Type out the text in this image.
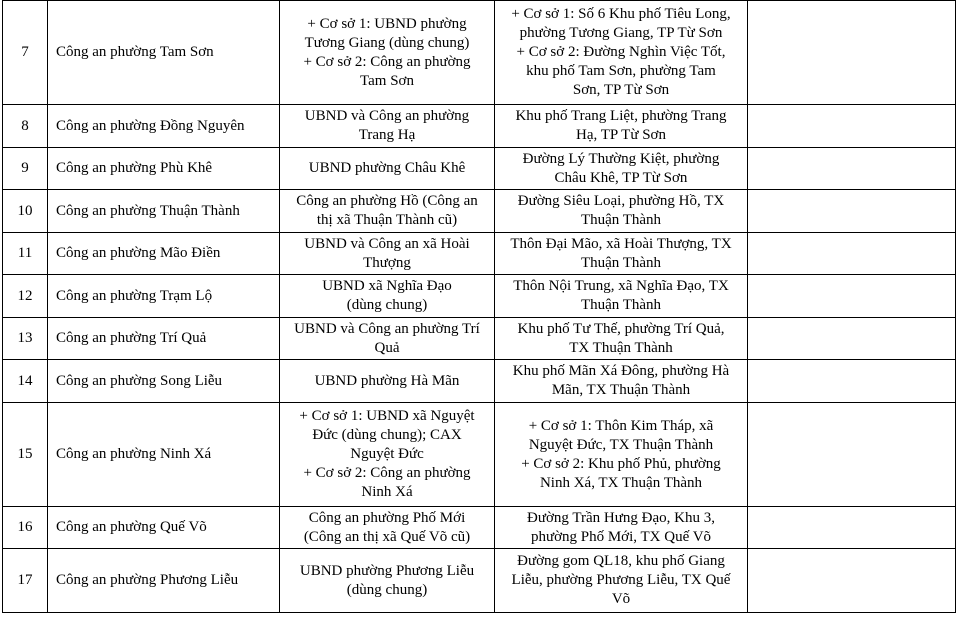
7	Công an phường Tam Sơn	+ Cơ sở 1: UBND phường
Tương Giang (dùng chung)
+ Cơ sở 2: Công an phường
Tam Sơn	+ Cơ sở 1: Số 6 Khu phố Tiêu Long,
phường Tương Giang, TP Từ Sơn
+ Cơ sở 2: Đường Nghìn Việc Tốt,
khu phố Tam Sơn, phường Tam
Sơn, TP Từ Sơn	

8	Công an phường Đồng Nguyên	UBND và Công an phường
Trang Hạ	Khu phố Trang Liệt, phường Trang
Hạ, TP Từ Sơn	

9	Công an phường Phù Khê	UBND phường Châu Khê	Đường Lý Thường Kiệt, phường
Châu Khê, TP Từ Sơn	

10	Công an phường Thuận Thành	Công an phường Hồ (Công an
thị xã Thuận Thành cũ)	Đường Siêu Loại, phường Hồ, TX
Thuận Thành	

11	Công an phường Mão Điền	UBND và Công an xã Hoài
Thượng	Thôn Đại Mão, xã Hoài Thượng, TX
Thuận Thành	

12	Công an phường Trạm Lộ	UBND xã Nghĩa Đạo
(dùng chung)	Thôn Nội Trung, xã Nghĩa Đạo, TX
Thuận Thành	

13	Công an phường Trí Quả	UBND và Công an phường Trí
Quả	Khu phố Tư Thế, phường Trí Quả,
TX Thuận Thành	

14	Công an phường Song Liễu	UBND phường Hà Mãn	Khu phố Mãn Xá Đông, phường Hà
Mãn, TX Thuận Thành	

15	Công an phường Ninh Xá	+ Cơ sở 1: UBND xã Nguyệt
Đức (dùng chung); CAX
Nguyệt Đức
+ Cơ sở 2: Công an phường
Ninh Xá	+ Cơ sở 1: Thôn Kim Tháp, xã
Nguyệt Đức, TX Thuận Thành
+ Cơ sở 2: Khu phố Phủ, phường
Ninh Xá, TX Thuận Thành	

16	Công an phường Quế Võ	Công an phường Phố Mới
(Công an thị xã Quế Võ cũ)	Đường Trần Hưng Đạo, Khu 3,
phường Phố Mới, TX Quế Võ	

17	Công an phường Phương Liễu	UBND phường Phương Liễu
(dùng chung)	Đường gom QL18, khu phố Giang
Liễu, phường Phương Liễu, TX Quế
Võ	
